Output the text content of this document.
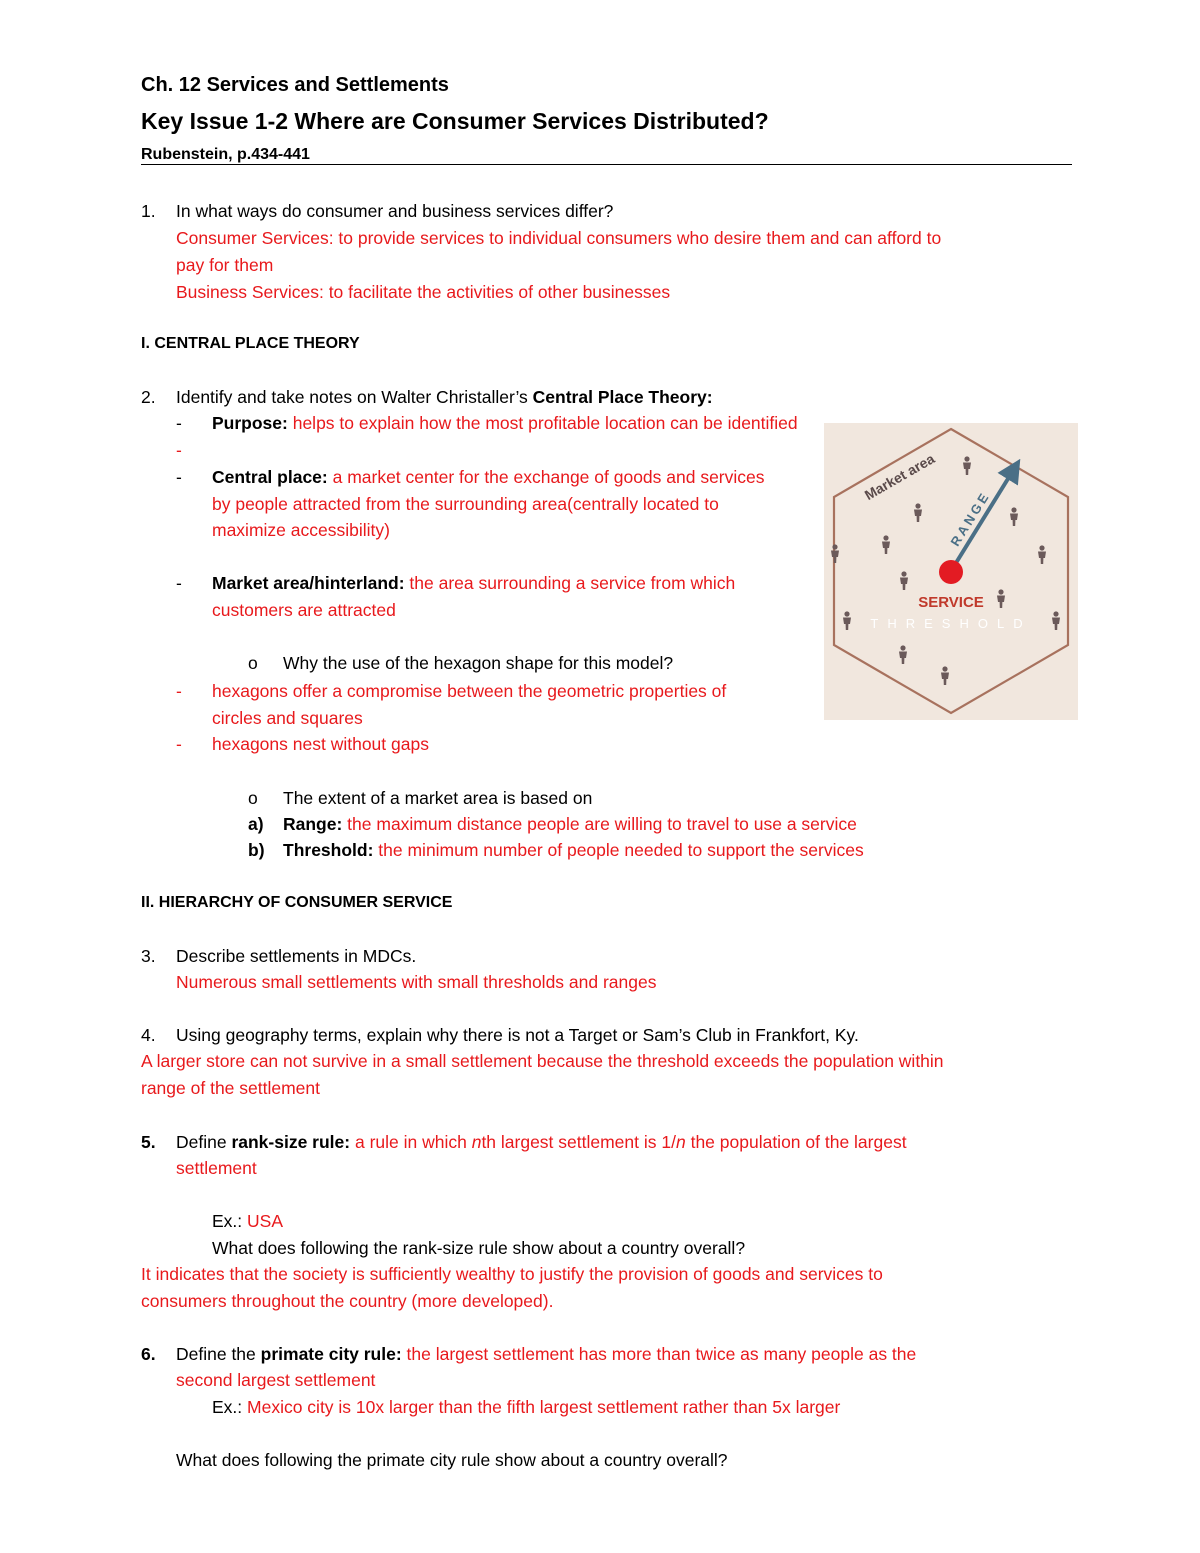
Ch. 12 Services and Settlements
Key Issue 1-2 Where are Consumer Services Distributed?
Rubenstein, p.434-441
1. In what ways do consumer and business services differ?
Consumer Services: to provide services to individual consumers who desire them and can afford to
pay for them
Business Services: to facilitate the activities of other businesses
I. CENTRAL PLACE THEORY
2. Identify and take notes on Walter Christaller’s Central Place Theory:
- Purpose: helps to explain how the most profitable location can be identified
-
- Central place: a market center for the exchange of goods and services
by people attracted from the surrounding area(centrally located to
maximize accessibility)
- Market area/hinterland: the area surrounding a service from which
customers are attracted
o Why the use of the hexagon shape for this model?
- hexagons offer a compromise between the geometric properties of
circles and squares
- hexagons nest without gaps
o The extent of a market area is based on
a) Range: the maximum distance people are willing to travel to use a service
b) Threshold: the minimum number of people needed to support the services
Market area
RANGE
SERVICE
THRESHOLD
II. HIERARCHY OF CONSUMER SERVICE
3. Describe settlements in MDCs.
Numerous small settlements with small thresholds and ranges
4. Using geography terms, explain why there is not a Target or Sam’s Club in Frankfort, Ky.
A larger store can not survive in a small settlement because the threshold exceeds the population within
range of the settlement
5. Define rank-size rule: a rule in which nth largest settlement is 1/n the population of the largest
settlement
Ex.: USA
What does following the rank-size rule show about a country overall?
It indicates that the society is sufficiently wealthy to justify the provision of goods and services to
consumers throughout the country (more developed).
6. Define the primate city rule: the largest settlement has more than twice as many people as the
second largest settlement
Ex.: Mexico city is 10x larger than the fifth largest settlement rather than 5x larger
What does following the primate city rule show about a country overall?
